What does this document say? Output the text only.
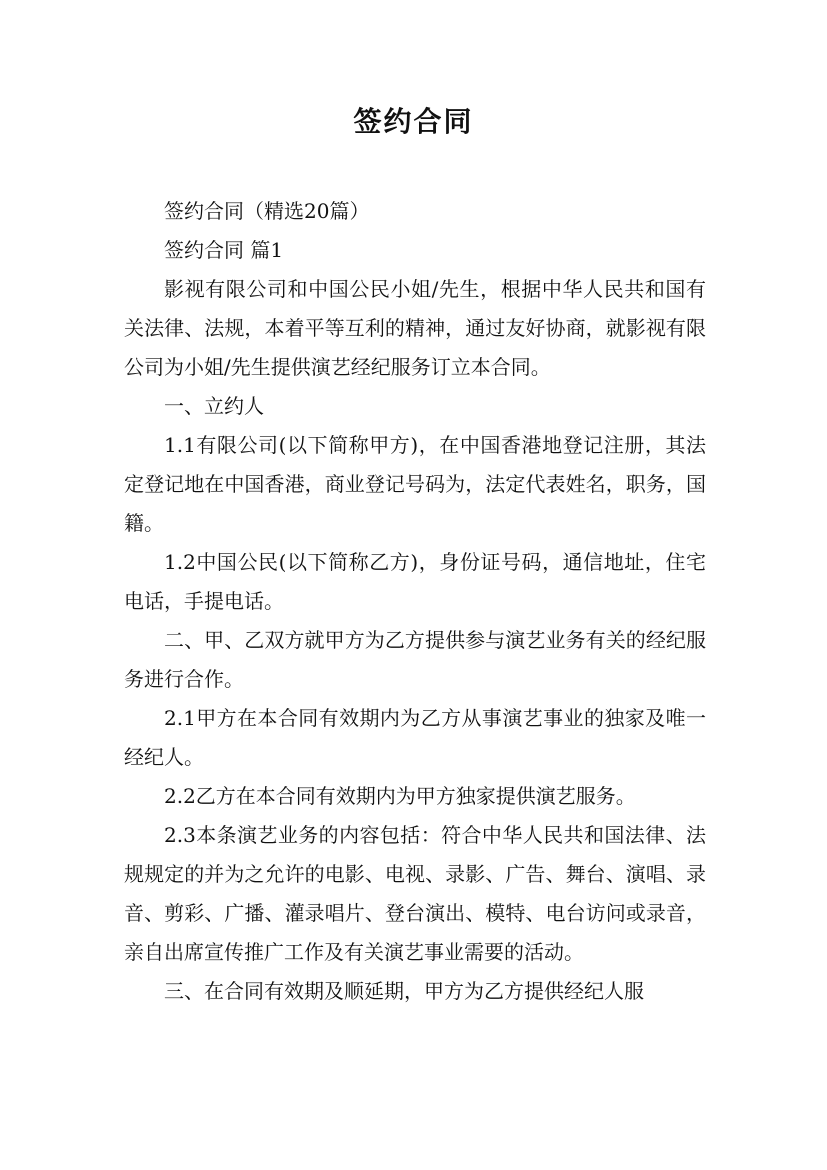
签约合同

签约合同（精选20篇）

签约合同 篇1

影视有限公司和中国公民小姐/先生，根据中华人民共和国有关法律、法规，本着平等互利的精神，通过友好协商，就影视有限公司为小姐/先生提供演艺经纪服务订立本合同。

一、立约人

1.1有限公司(以下简称甲方)，在中国香港地登记注册，其法定登记地在中国香港，商业登记号码为，法定代表姓名，职务，国籍。

1.2中国公民(以下简称乙方)，身份证号码，通信地址，住宅电话，手提电话。

二、甲、乙双方就甲方为乙方提供参与演艺业务有关的经纪服务进行合作。

2.1甲方在本合同有效期内为乙方从事演艺事业的独家及唯一经纪人。

2.2乙方在本合同有效期内为甲方独家提供演艺服务。

2.3本条演艺业务的内容包括：符合中华人民共和国法律、法规规定的并为之允许的电影、电视、录影、广告、舞台、演唱、录音、剪彩、广播、灌录唱片、登台演出、模特、电台访问或录音，亲自出席宣传推广工作及有关演艺事业需要的活动。

三、在合同有效期及顺延期，甲方为乙方提供经纪人服
